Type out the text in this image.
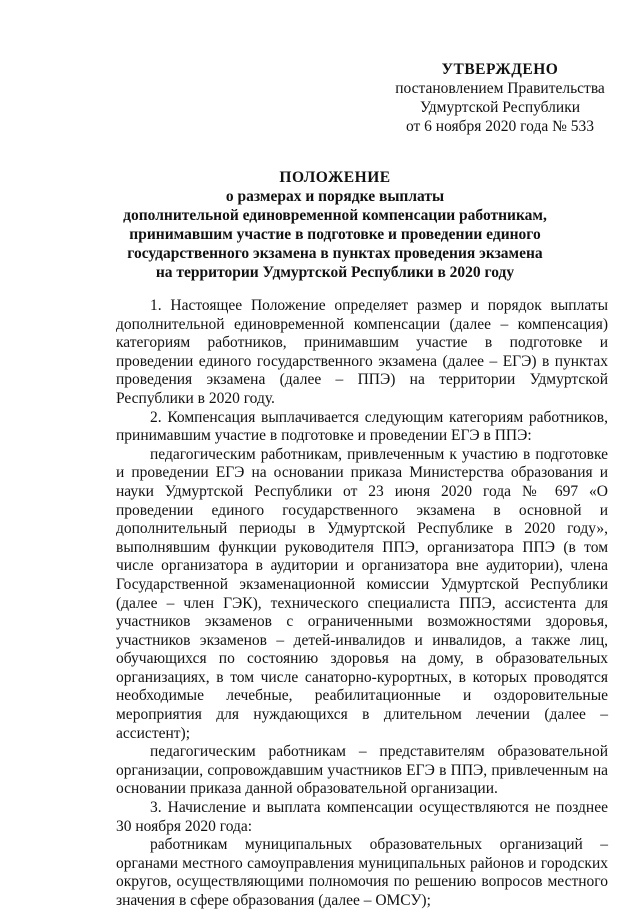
УТВЕРЖДЕНО
постановлением Правительства
Удмуртской Республики
от 6 ноября 2020 года № 533
ПОЛОЖЕНИЕ
о размерах и порядке выплаты
дополнительной единовременной компенсации работникам,
принимавшим участие в подготовке и проведении единого
государственного экзамена в пунктах проведения экзамена
на территории Удмуртской Республики в 2020 году

1. Настоящее Положение определяет размер и порядок выплаты дополнительной единовременной компенсации (далее – компенсация) категориям работников, принимавшим участие в подготовке и проведении единого государственного экзамена (далее – ЕГЭ) в пунктах проведения экзамена (далее – ППЭ) на территории Удмуртской Республики в 2020 году.

2. Компенсация выплачивается следующим категориям работников, принимавшим участие в подготовке и проведении ЕГЭ в ППЭ:

педагогическим работникам, привлеченным к участию в подготовке и проведении ЕГЭ на основании приказа Министерства образования и науки Удмуртской Республики от 23 июня 2020 года № 697 «О проведении единого государственного экзамена в основной и дополнительный периоды в Удмуртской Республике в 2020 году», выполнявшим функции руководителя ППЭ, организатора ППЭ (в том числе организатора в аудитории и организатора вне аудитории), члена Государственной экзаменационной комиссии Удмуртской Республики (далее – член ГЭК), технического специалиста ППЭ, ассистента для участников экзаменов с ограниченными возможностями здоровья, участников экзаменов – детей-инвалидов и инвалидов, а также лиц, обучающихся по состоянию здоровья на дому, в образовательных организациях, в том числе санаторно-курортных, в которых проводятся необходимые лечебные, реабилитационные и оздоровительные мероприятия для нуждающихся в длительном лечении (далее – ассистент);

педагогическим работникам – представителям образовательной организации, сопровождавшим участников ЕГЭ в ППЭ, привлеченным на основании приказа данной образовательной организации.

3. Начисление и выплата компенсации осуществляются не позднее 30 ноября 2020 года:

работникам муниципальных образовательных организаций – органами местного самоуправления муниципальных районов и городских округов, осуществляющими полномочия по решению вопросов местного значения в сфере образования (далее – ОМСУ);
